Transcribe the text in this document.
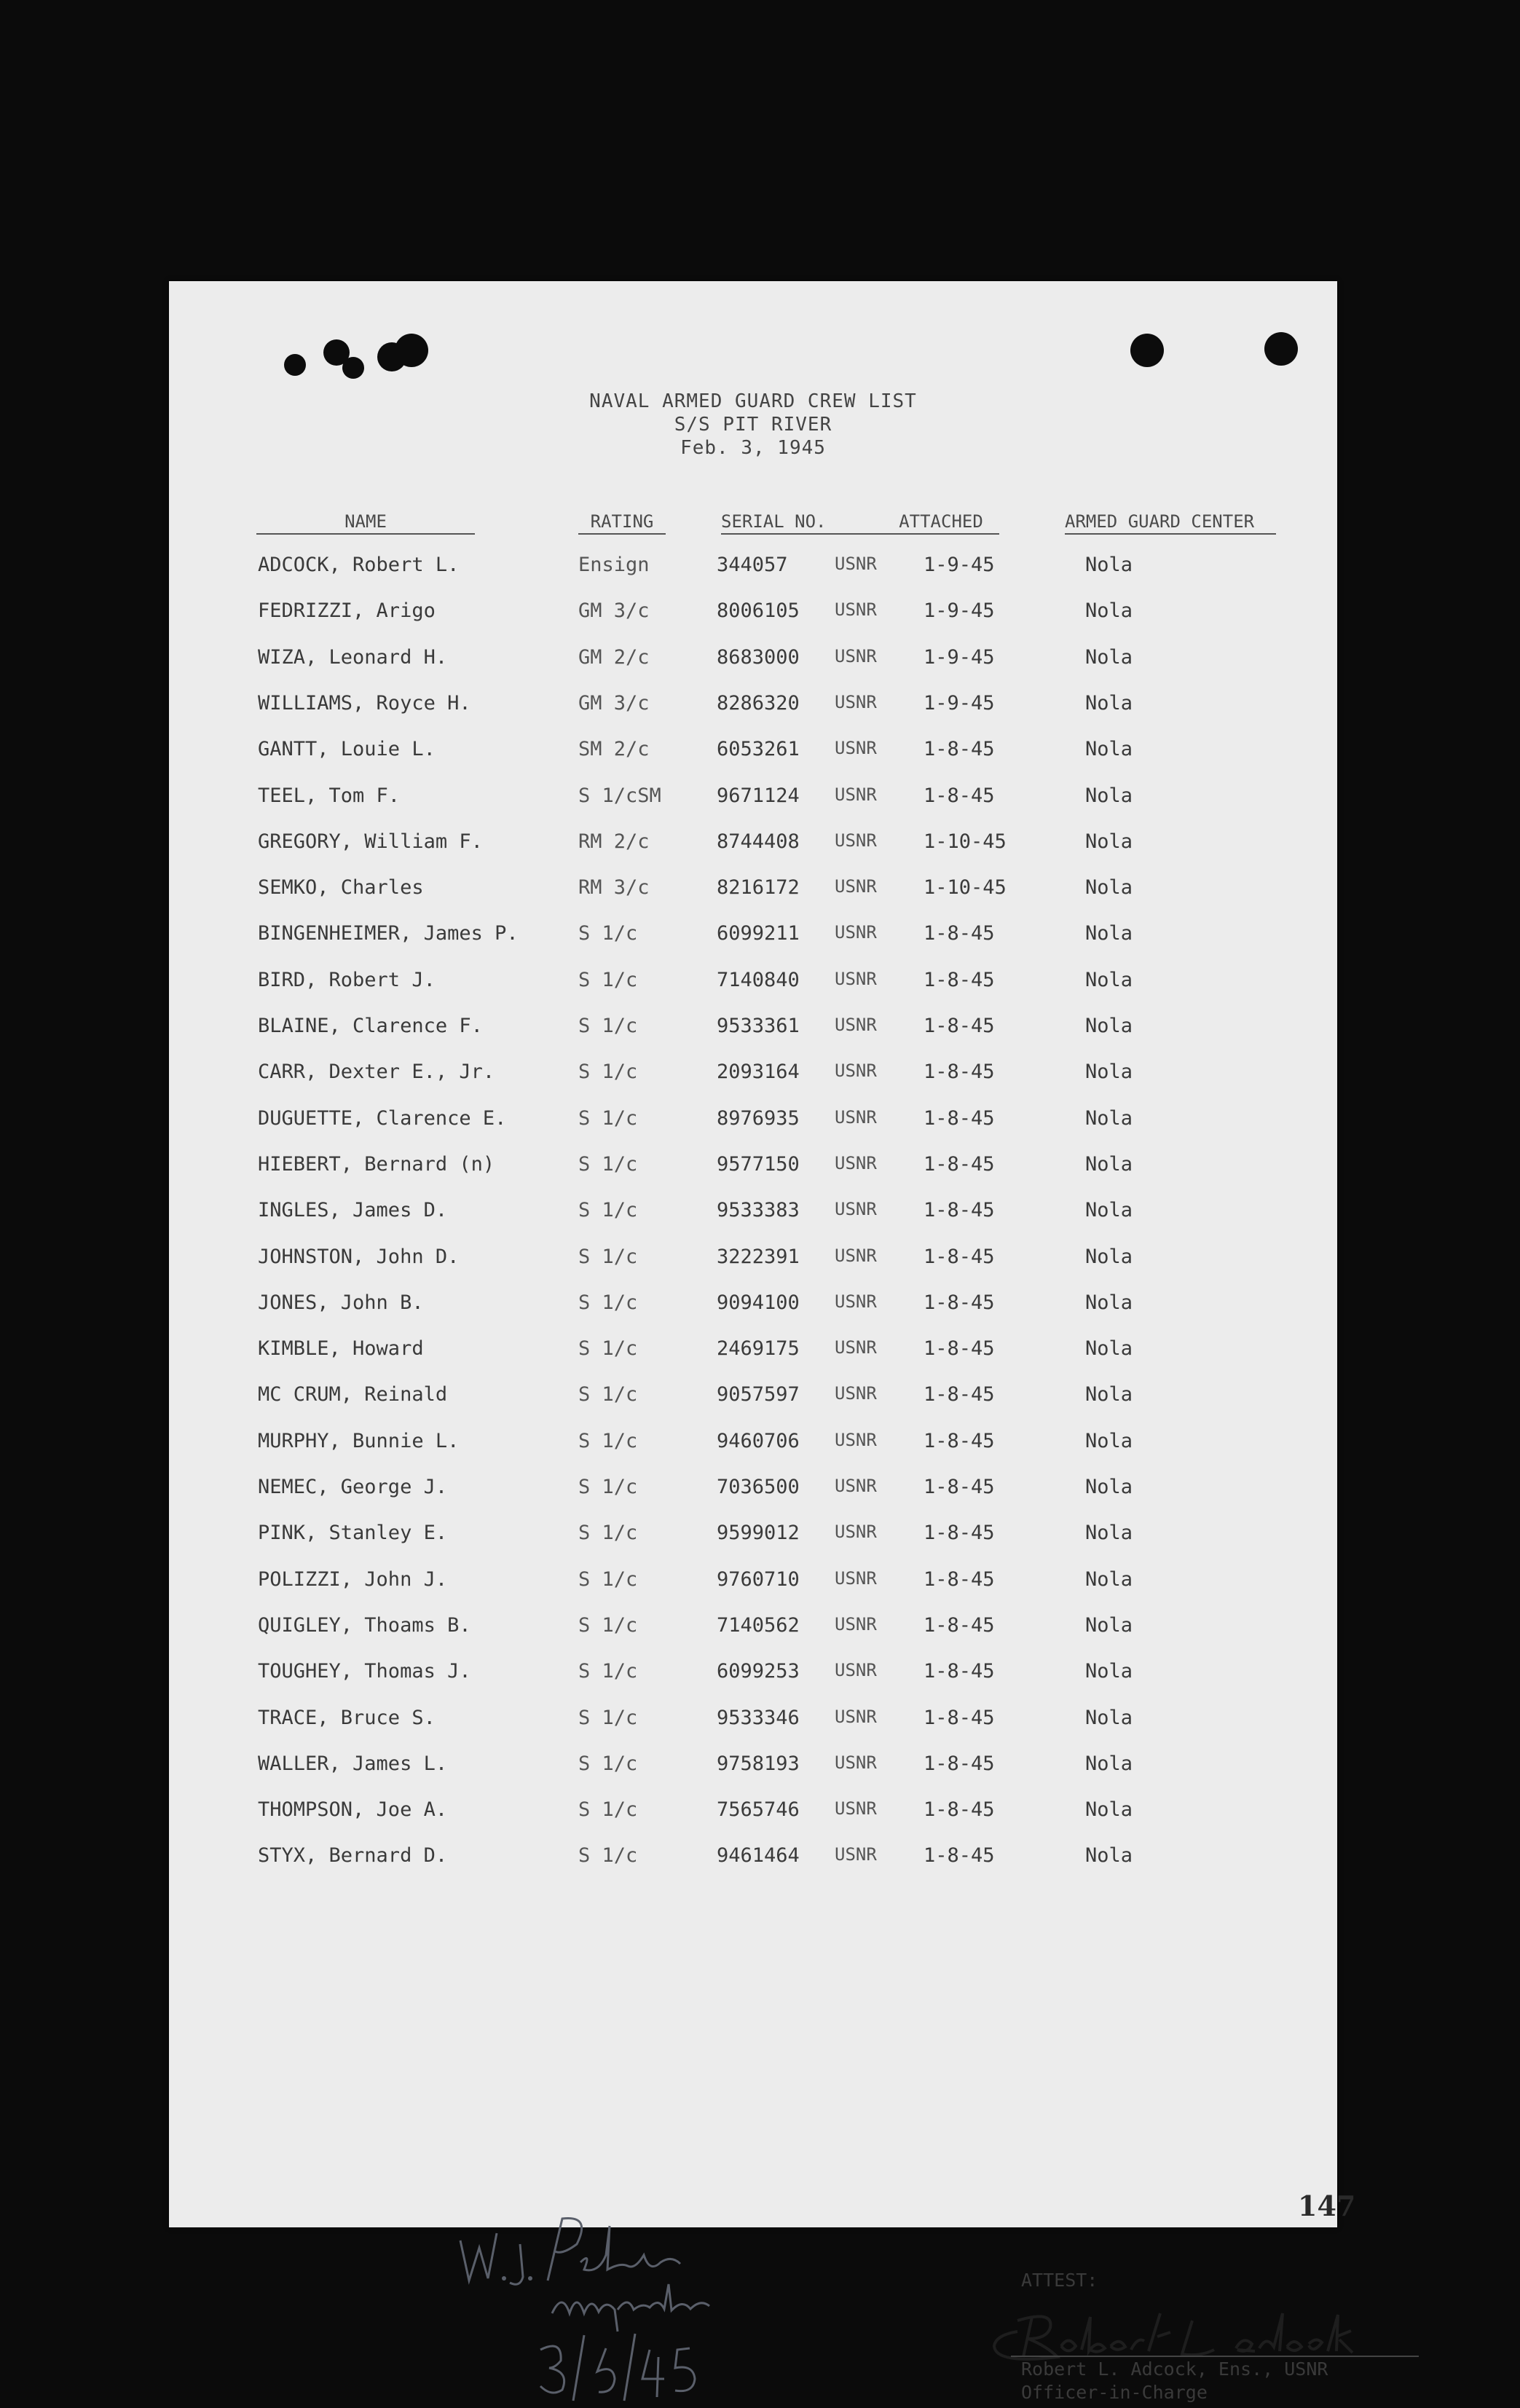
NAVAL ARMED GUARD CREW LIST
S/S PIT RIVER
Feb. 3, 1945
NAME	RATING	SERIAL NO.	ATTACHED	ARMED GUARD CENTER
ADCOCK, Robert L.	Ensign	344057	USNR 1-9-45	Nola
FEDRIZZI, Arigo	GM 3/c	8006105 USNR 1-9-45	Nola
WIZA, Leonard H.	GM 2/c	8683000 USNR 1-9-45	Nola
WILLIAMS, Royce H.	GM 3/c	8286320 USNR 1-9-45	Nola
GANTT, Louie L.	SM 2/c	6053261 USNR 1-8-45	Nola
TEEL, Tom F.	S 1/cSM	9671124 USNR 1-8-45	Nola
GREGORY, William F.	RM 2/c	8744408 USNR 1-10-45	Nola
SEMKO, Charles	RM 3/c	8216172 USNR 1-10-45	Nola
BINGENHEIMER, James P.	S 1/c	6099211 USNR 1-8-45	Nola
BIRD, Robert J.	S 1/c	7140840 USNR 1-8-45	Nola
BLAINE, Clarence F.	S 1/c	9533361 USNR 1-8-45	Nola
CARR, Dexter E., Jr.	S 1/c	2093164 USNR 1-8-45	Nola
DUGUETTE, Clarence E.	S 1/c	8976935 USNR 1-8-45	Nola
HIEBERT, Bernard (n)	S 1/c	9577150 USNR 1-8-45	Nola
INGLES, James D.	S 1/c	9533383 USNR 1-8-45	Nola
JOHNSTON, John D.	S 1/c	3222391 USNR 1-8-45	Nola
JONES, John B.	S 1/c	9094100 USNR 1-8-45	Nola
KIMBLE, Howard	S 1/c	2469175 USNR 1-8-45	Nola
MC CRUM, Reinald	S 1/c	9057597 USNR 1-8-45	Nola
MURPHY, Bunnie L.	S 1/c	9460706 USNR 1-8-45	Nola
NEMEC, George J.	S 1/c	7036500 USNR 1-8-45	Nola
PINK, Stanley E.	S 1/c	9599012 USNR 1-8-45	Nola
POLIZZI, John J.	S 1/c	9760710 USNR 1-8-45	Nola
QUIGLEY, Thoams B.	S 1/c	7140562 USNR 1-8-45	Nola
TOUGHEY, Thomas J.	S 1/c	6099253 USNR 1-8-45	Nola
TRACE, Bruce S.	S 1/c	9533346 USNR 1-8-45	Nola
WALLER, James L.	S 1/c	9758193 USNR 1-8-45	Nola
THOMPSON, Joe A.	S 1/c	7565746 USNR 1-8-45	Nola
STYX, Bernard D.	S 1/c	9461464 USNR 1-8-45	Nola
147
ATTEST:
Robert L. Adcock, Ens., USNR
Officer-in-Charge
